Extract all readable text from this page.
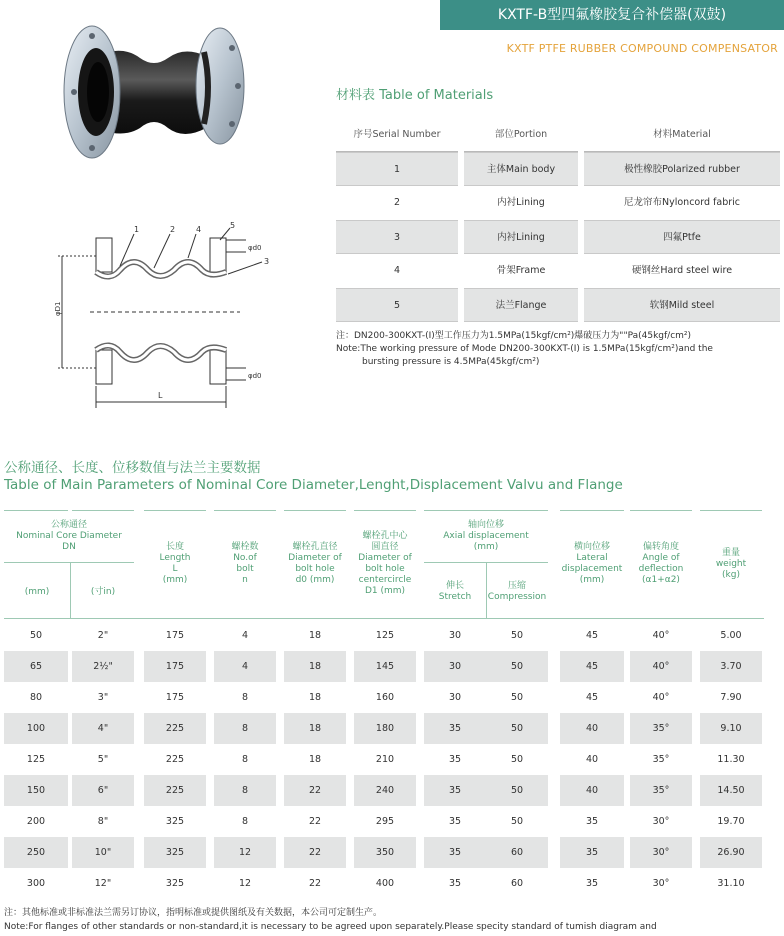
KXTF-B型四氟橡胶复合补偿器(双鼓)
KXTF PTFE RUBBER COMPOUND COMPENSATOR
1	2	4	5
3
φd0
φd0
φD1
L
材料表 Table of Materials
序号Serial Number	部位Portion	材料Material
1	主体Main body	极性橡胶Polarized rubber
2	内衬Lining	尼龙帘布Nyloncord fabric
3	内衬Lining	四氟Ptfe
4	骨架Frame	硬钢丝Hard steel wire
5	法兰Flange	软钢Mild steel
注：DN200-300KXT-(Ⅰ)型工作压力为1.5MPa(15kgf/cm²)爆破压力为""Pa(45kgf/cm²)
Note:The working pressure of Mode DN200-300KXT-(Ⅰ) is 1.5MPa(15kgf/cm²)and the
bursting pressure is 4.5MPa(45kgf/cm²)
公称通径、长度、位移数值与法兰主要数据
Table of Main Parameters of Nominal Core Diameter,Lenght,Displacement Valvu and Flange
公称通径
Nominal Core Diameter
DN
(mm)	(寸in)
长度
Length
L
(mm)
螺栓数
No.of
bolt
n
螺栓孔直径
Diameter of
bolt hole
d0 (mm)
螺栓孔中心
圆直径
Diameter of
bolt hole
centercircle
D1 (mm)
轴向位移
Axial displacement
(mm)
伸长
Stretch
压缩
Compression
横向位移
Lateral
displacement
(mm)
偏转角度
Angle of
deflection
(α1+α2)
重量
weight
(kg)
50	2"	175	4	18	125	30	50	45	40°	5.00
65	2½"	175	4	18	145	30	50	45	40°	3.70
80	3"	175	8	18	160	30	50	45	40°	7.90
100	4"	225	8	18	180	35	50	40	35°	9.10
125	5"	225	8	18	210	35	50	40	35°	11.30
150	6"	225	8	22	240	35	50	40	35°	14.50
200	8"	325	8	22	295	35	50	35	30°	19.70
250	10"	325	12	22	350	35	60	35	30°	26.90
300	12"	325	12	22	400	35	60	35	30°	31.10
注：其他标准或非标准法兰需另订协议，指明标准或提供图纸及有关数据，本公司可定制生产。
Note:For flanges of other standards or non-standard,it is necessary to be agreed upon separately.Please specity standard of tumish diagram and
